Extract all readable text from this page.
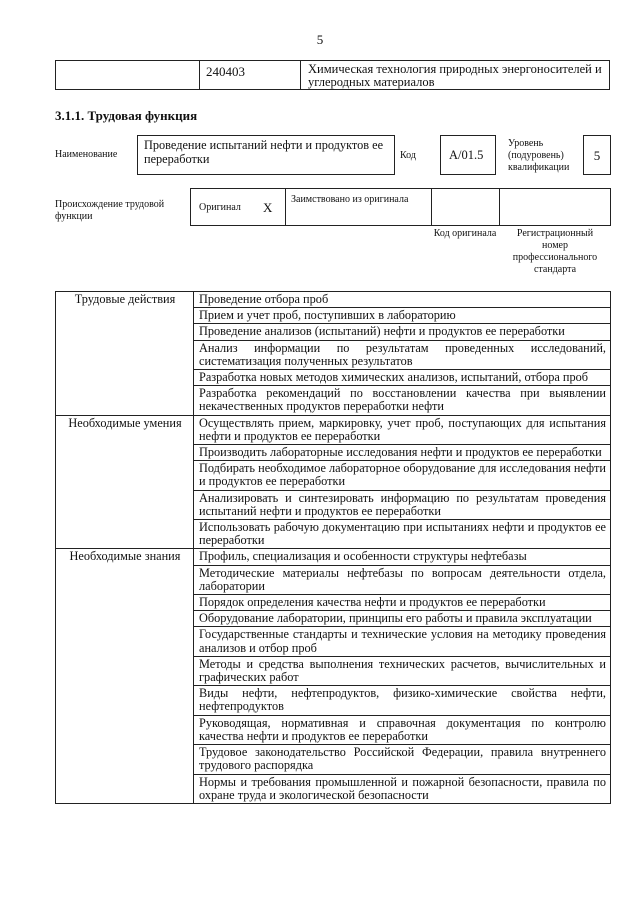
5
240403	Химическая технология природных энергоносителей и углеродных материалов
3.1.1. Трудовая функция
Наименование
Проведение испытаний нефти и продуктов ее переработки	Код	A/01.5
Уровень (подуровень) квалификации
5
Происхождение трудовой функции
Оригинал X
Заимствовано из оригинала
Код оригинала	Регистрационный номер профессионального стандарта
Трудовые действия	Проведение отбора проб
	Прием и учет проб, поступивших в лабораторию
	Проведение анализов (испытаний) нефти и продуктов ее переработки
	Анализ информации по результатам проведенных исследований, систематизация полученных результатов
	Разработка новых методов химических анализов, испытаний, отбора проб
	Разработка рекомендаций по восстановлении качества при выявлении некачественных продуктов переработки нефти
Необходимые умения	Осуществлять прием, маркировку, учет проб, поступающих для испытания нефти и продуктов ее переработки
	Производить лабораторные исследования нефти и продуктов ее переработки
	Подбирать необходимое лабораторное оборудование для исследования нефти и продуктов ее переработки
	Анализировать и синтезировать информацию по результатам проведения испытаний нефти и продуктов ее переработки
	Использовать рабочую документацию при испытаниях нефти и продуктов ее переработки
Необходимые знания	Профиль, специализация и особенности структуры нефтебазы
	Методические материалы нефтебазы по вопросам деятельности отдела, лаборатории
	Порядок определения качества нефти и продуктов ее переработки
	Оборудование лаборатории, принципы его работы и правила эксплуатации
	Государственные стандарты и технические условия на методику проведения анализов и отбор проб
	Методы и средства выполнения технических расчетов, вычислительных и графических работ
	Виды нефти, нефтепродуктов, физико-химические свойства нефти, нефтепродуктов
	Руководящая, нормативная и справочная документация по контролю качества нефти и продуктов ее переработки
	Трудовое законодательство Российской Федерации, правила внутреннего трудового распорядка
	Нормы и требования промышленной и пожарной безопасности, правила по охране труда и экологической безопасности
